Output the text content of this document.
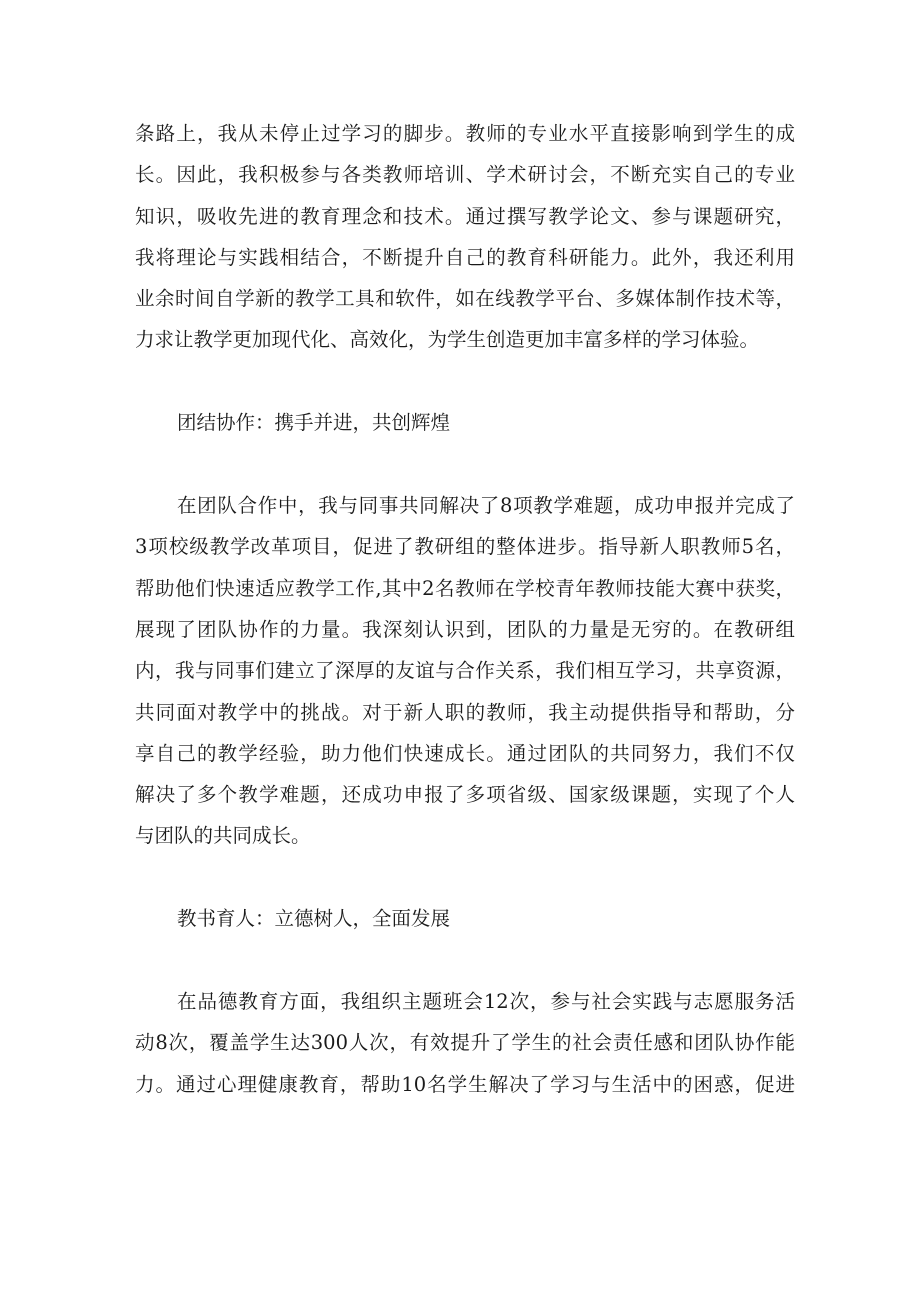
条路上，我从未停止过学习的脚步。教师的专业水平直接影响到学生的成
长。因此，我积极参与各类教师培训、学术研讨会，不断充实自己的专业
知识，吸收先进的教育理念和技术。通过撰写教学论文、参与课题研究，
我将理论与实践相结合，不断提升自己的教育科研能力。此外，我还利用
业余时间自学新的教学工具和软件，如在线教学平台、多媒体制作技术等，
力求让教学更加现代化、高效化，为学生创造更加丰富多样的学习体验。
团结协作：携手并进，共创辉煌
在团队合作中，我与同事共同解决了8项教学难题，成功申报并完成了
3项校级教学改革项目，促进了教研组的整体进步。指导新人职教师5名，
帮助他们快速适应教学工作,其中2名教师在学校青年教师技能大赛中获奖，
展现了团队协作的力量。我深刻认识到，团队的力量是无穷的。在教研组
内，我与同事们建立了深厚的友谊与合作关系，我们相互学习，共享资源，
共同面对教学中的挑战。对于新人职的教师，我主动提供指导和帮助，分
享自己的教学经验，助力他们快速成长。通过团队的共同努力，我们不仅
解决了多个教学难题，还成功申报了多项省级、国家级课题，实现了个人
与团队的共同成长。
教书育人：立德树人，全面发展
在品德教育方面，我组织主题班会12次，参与社会实践与志愿服务活
动8次，覆盖学生达300人次，有效提升了学生的社会责任感和团队协作能
力。通过心理健康教育，帮助10名学生解决了学习与生活中的困惑，促进
